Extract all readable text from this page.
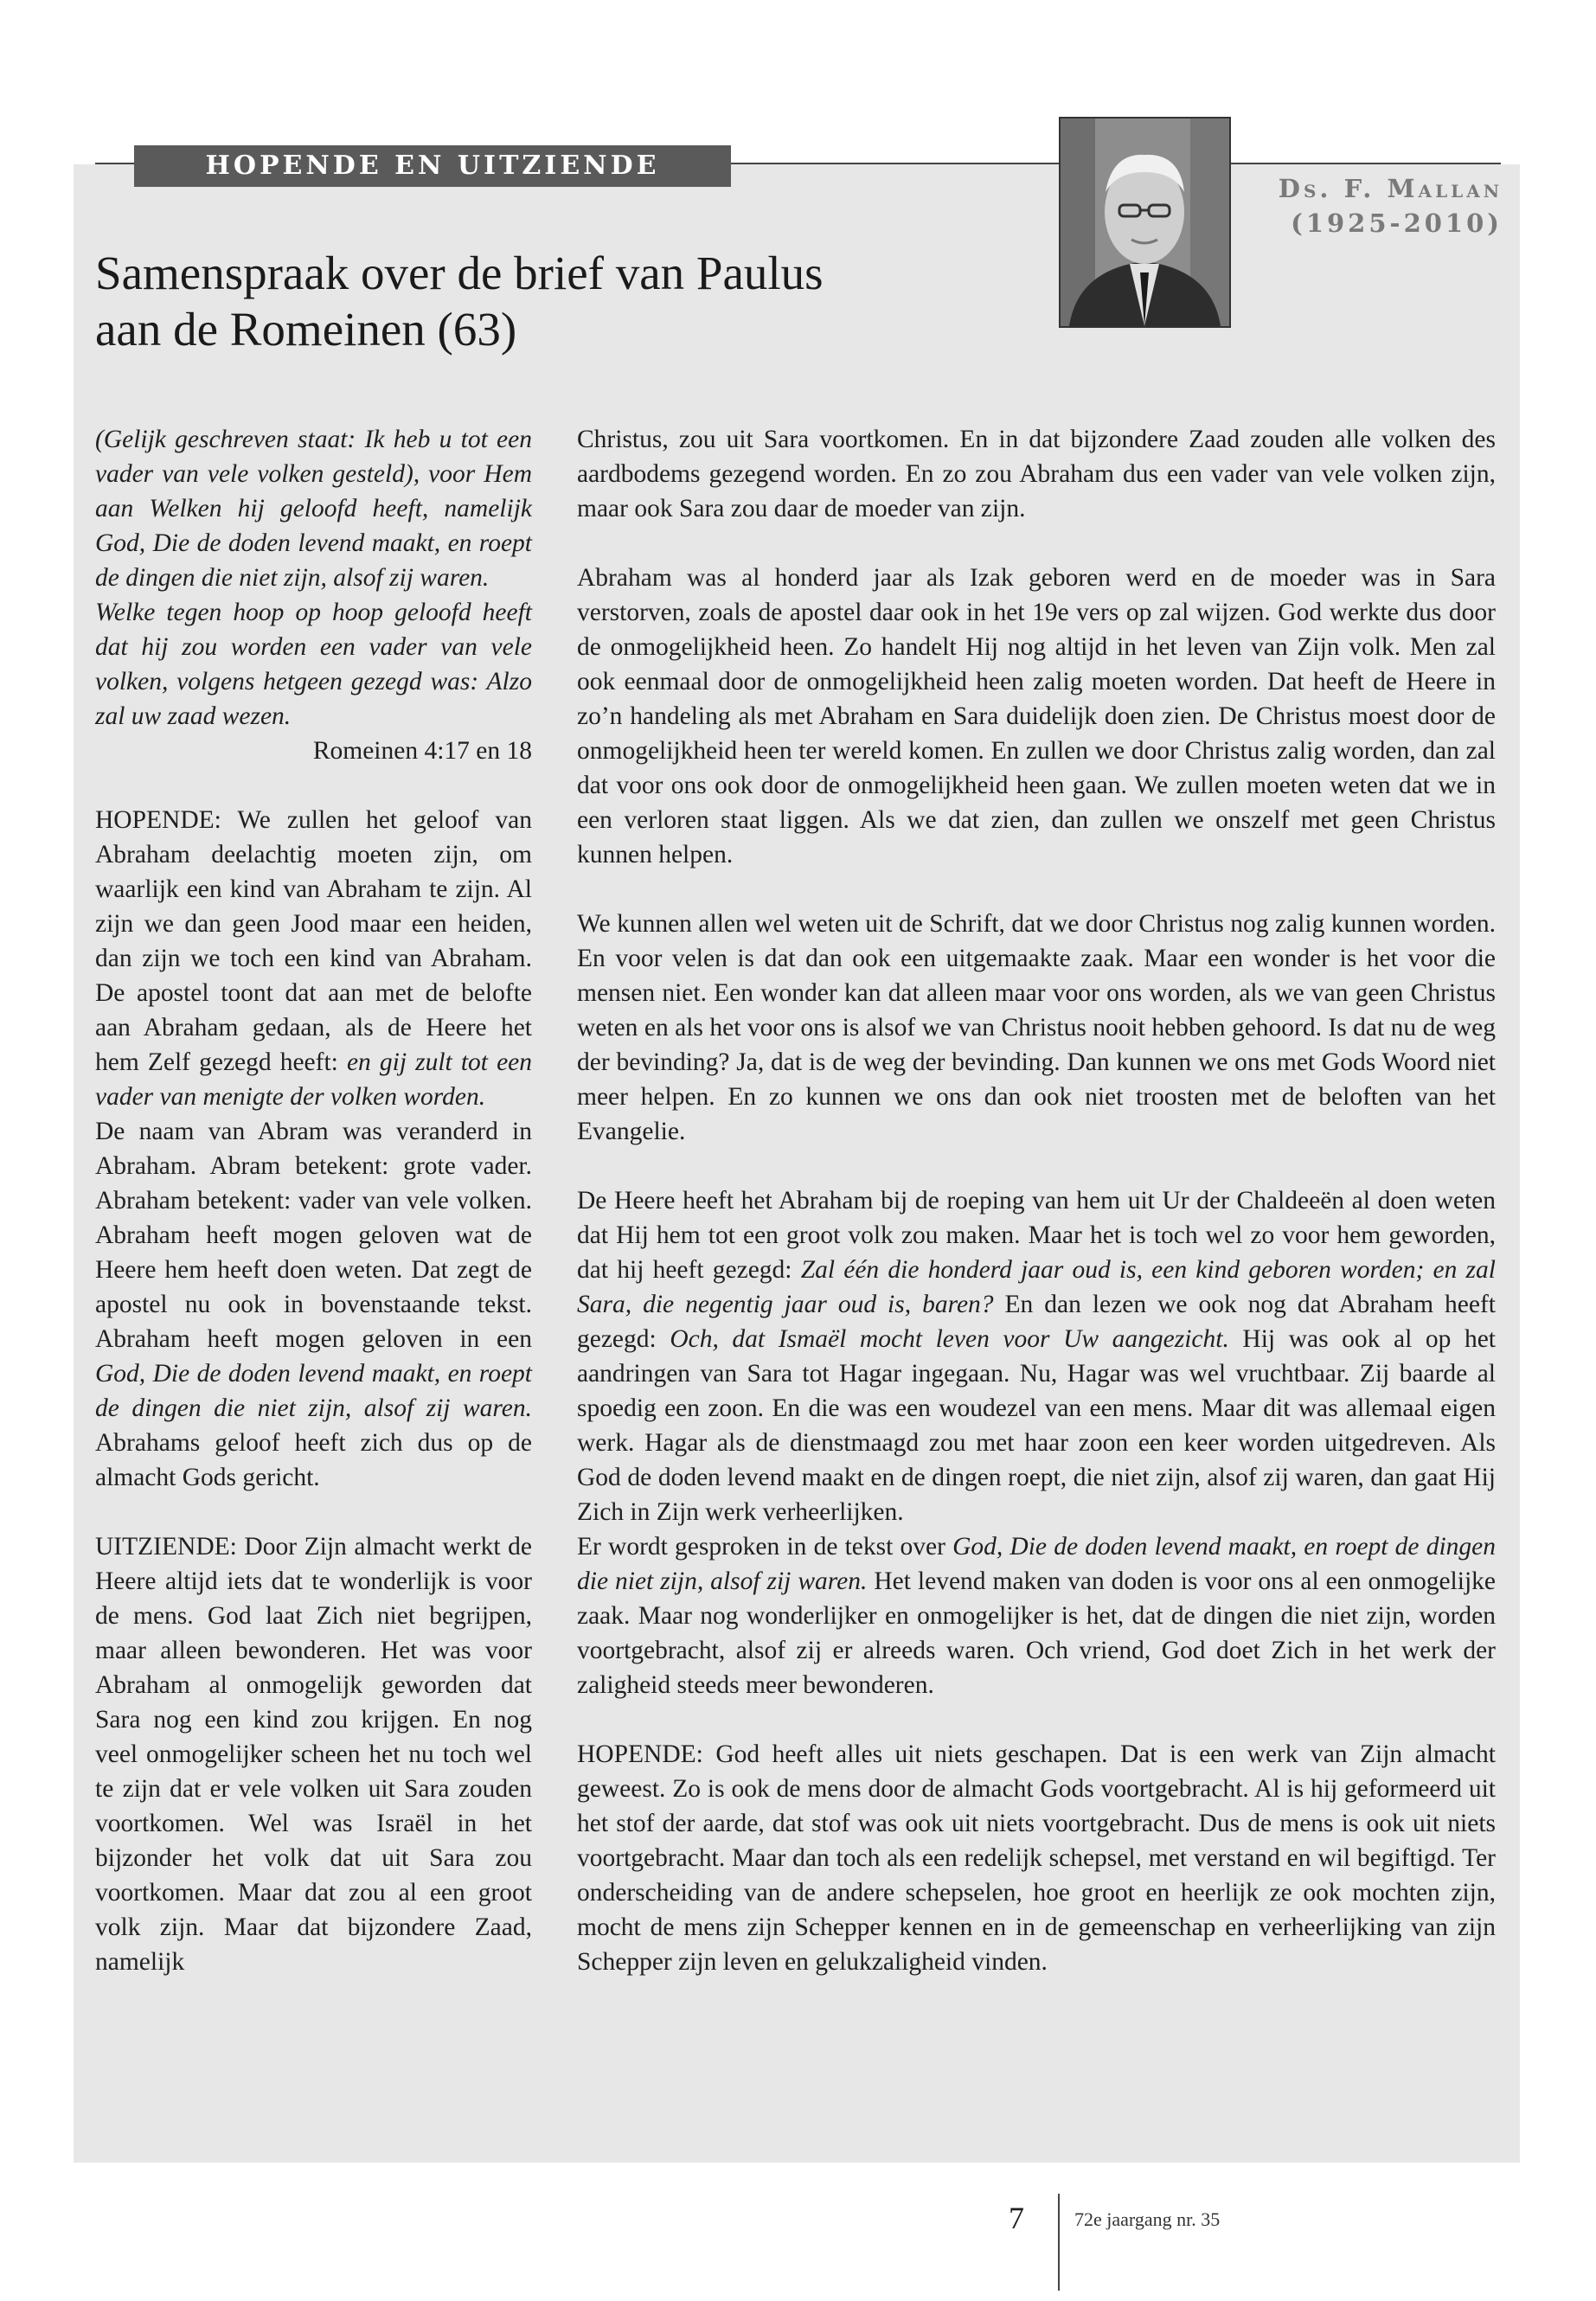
HOPENDE EN UITZIENDE
Ds. F. Mallan
(1925-2010)
Samenspraak over de brief van Paulus
aan de Romeinen (63)

(Gelijk geschreven staat: Ik heb u tot een vader van vele volken gesteld), voor Hem aan Welken hij geloofd heeft, namelijk God, Die de doden levend maakt, en roept de dingen die niet zijn, alsof zij waren.
Welke tegen hoop op hoop geloofd heeft dat hij zou worden een vader van vele volken, volgens hetgeen gezegd was: Alzo zal uw zaad wezen.

Romeinen 4:17 en 18

HOPENDE: We zullen het geloof van Abraham deelachtig moeten zijn, om waarlijk een kind van Abraham te zijn. Al zijn we dan geen Jood maar een heiden, dan zijn we toch een kind van Abraham. De apostel toont dat aan met de belofte aan Abraham gedaan, als de Heere het hem Zelf gezegd heeft: en gij zult tot een vader van menigte der volken worden.

De naam van Abram was veranderd in Abraham. Abram betekent: grote vader. Abraham betekent: vader van vele volken. Abraham heeft mogen geloven wat de Heere hem heeft doen weten. Dat zegt de apostel nu ook in bovenstaande tekst. Abraham heeft mogen geloven in een God, Die de doden levend maakt, en roept de dingen die niet zijn, alsof zij waren. Abrahams geloof heeft zich dus op de almacht Gods gericht.

UITZIENDE: Door Zijn almacht werkt de Heere altijd iets dat te wonderlijk is voor de mens. God laat Zich niet begrijpen, maar alleen bewonderen. Het was voor Abraham al onmogelijk geworden dat Sara nog een kind zou krijgen. En nog veel onmogelijker scheen het nu toch wel te zijn dat er vele volken uit Sara zouden voortkomen. Wel was Israël in het bijzonder het volk dat uit Sara zou voortkomen. Maar dat zou al een groot volk zijn. Maar dat bijzondere Zaad, namelijk

Christus, zou uit Sara voortkomen. En in dat bijzondere Zaad zouden alle volken des aardbodems gezegend worden. En zo zou Abraham dus een vader van vele volken zijn, maar ook Sara zou daar de moeder van zijn.

Abraham was al honderd jaar als Izak geboren werd en de moeder was in Sara verstorven, zoals de apostel daar ook in het 19e vers op zal wijzen. God werkte dus door de onmogelijkheid heen. Zo handelt Hij nog altijd in het leven van Zijn volk. Men zal ook eenmaal door de onmogelijkheid heen zalig moeten worden. Dat heeft de Heere in zo’n handeling als met Abraham en Sara duidelijk doen zien. De Christus moest door de onmogelijkheid heen ter wereld komen. En zullen we door Christus zalig worden, dan zal dat voor ons ook door de onmogelijkheid heen gaan. We zullen moeten weten dat we in een verloren staat liggen. Als we dat zien, dan zullen we onszelf met geen Christus kunnen helpen.

We kunnen allen wel weten uit de Schrift, dat we door Christus nog zalig kunnen worden. En voor velen is dat dan ook een uitgemaakte zaak. Maar een wonder is het voor die mensen niet. Een wonder kan dat alleen maar voor ons worden, als we van geen Christus weten en als het voor ons is alsof we van Christus nooit hebben gehoord. Is dat nu de weg der bevinding? Ja, dat is de weg der bevinding. Dan kunnen we ons met Gods Woord niet meer helpen. En zo kunnen we ons dan ook niet troosten met de beloften van het Evangelie.

De Heere heeft het Abraham bij de roeping van hem uit Ur der Chaldeeën al doen weten dat Hij hem tot een groot volk zou maken. Maar het is toch wel zo voor hem geworden, dat hij heeft gezegd: Zal één die honderd jaar oud is, een kind geboren worden; en zal Sara, die negentig jaar oud is, baren? En dan lezen we ook nog dat Abraham heeft gezegd: Och, dat Ismaël mocht leven voor Uw aangezicht. Hij was ook al op het aandringen van Sara tot Hagar ingegaan. Nu, Hagar was wel vruchtbaar. Zij baarde al spoedig een zoon. En die was een woudezel van een mens. Maar dit was allemaal eigen werk. Hagar als de dienstmaagd zou met haar zoon een keer worden uitgedreven. Als God de doden levend maakt en de dingen roept, die niet zijn, alsof zij waren, dan gaat Hij Zich in Zijn werk verheerlijken.

Er wordt gesproken in de tekst over God, Die de doden levend maakt, en roept de dingen die niet zijn, alsof zij waren. Het levend maken van doden is voor ons al een onmogelijke zaak. Maar nog wonderlijker en onmogelijker is het, dat de dingen die niet zijn, worden voortgebracht, alsof zij er alreeds waren. Och vriend, God doet Zich in het werk der zaligheid steeds meer bewonderen.

HOPENDE: God heeft alles uit niets geschapen. Dat is een werk van Zijn almacht geweest. Zo is ook de mens door de almacht Gods voortgebracht. Al is hij geformeerd uit het stof der aarde, dat stof was ook uit niets voortgebracht. Dus de mens is ook uit niets voortgebracht. Maar dan toch als een redelijk schepsel, met verstand en wil begiftigd. Ter onderscheiding van de andere schepselen, hoe groot en heerlijk ze ook mochten zijn, mocht de mens zijn Schepper kennen en in de gemeenschap en verheerlijking van zijn Schepper zijn leven en gelukzaligheid vinden.

7	72e jaargang nr. 35
